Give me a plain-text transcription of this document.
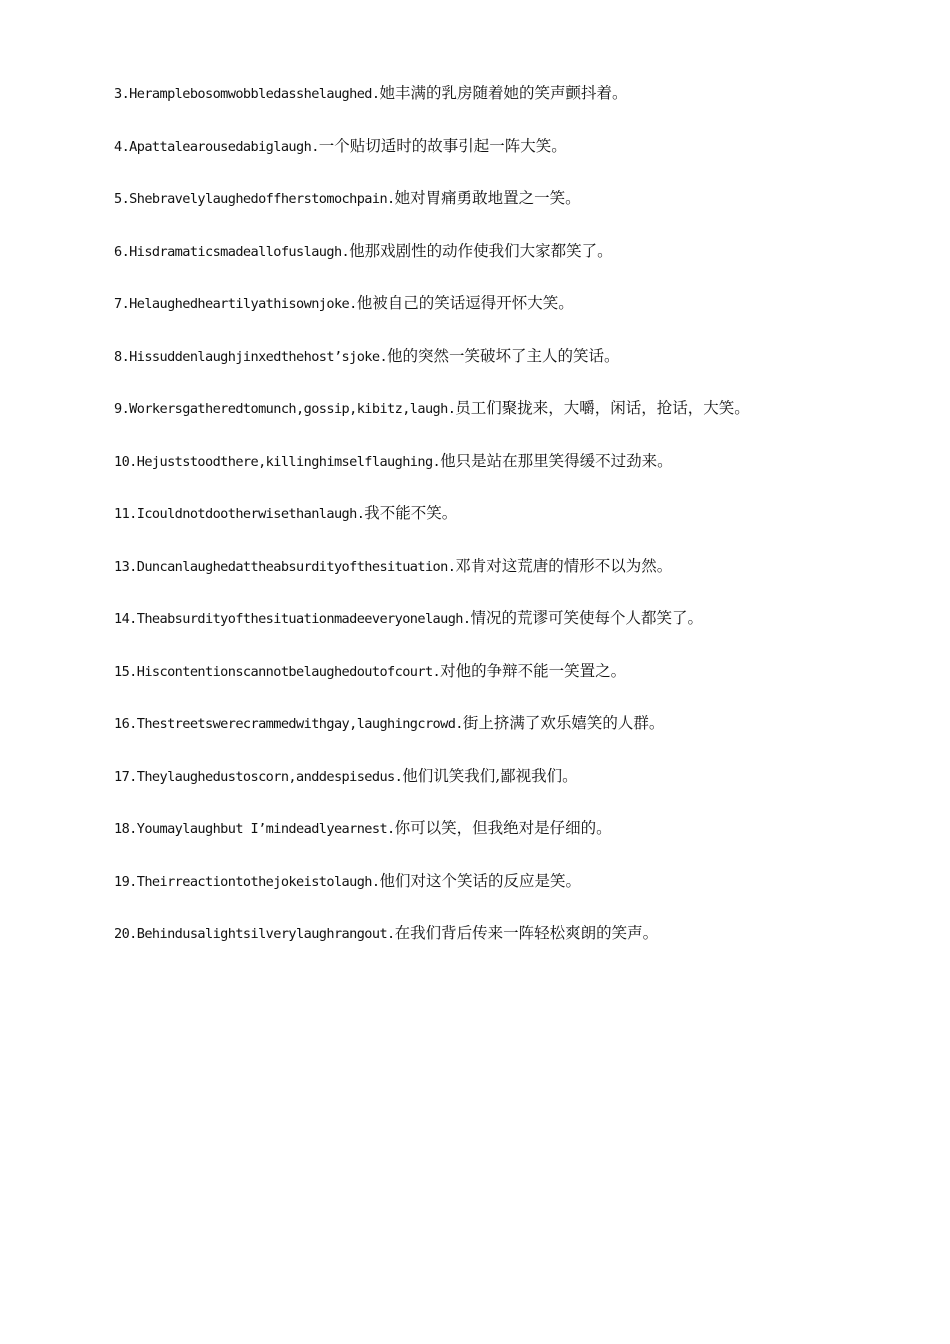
3.Heramplebosomwobbledasshelaughed.她丰满的乳房随着她的笑声颤抖着。
4.Apattalearousedabiglaugh.一个贴切适时的故事引起一阵大笑。
5.Shebravelylaughedoffherstomochpain.她对胃痛勇敢地置之一笑。
6.Hisdramaticsmadeallofuslaugh.他那戏剧性的动作使我们大家都笑了。
7.Helaughedheartilyathisownjoke.他被自己的笑话逗得开怀大笑。
8.Hissuddenlaughjinxedthehost’sjoke.他的突然一笑破坏了主人的笑话。
9.Workersgatheredtomunch,gossip,kibitz,laugh.员工们聚拢来，大嚼，闲话，抢话，大笑。
10.Hejuststoodthere,killinghimselflaughing.他只是站在那里笑得缓不过劲来。
11.Icouldnotdootherwisethanlaugh.我不能不笑。
13.Duncanlaughedattheabsurdityofthesituation.邓肯对这荒唐的情形不以为然。
14.Theabsurdityofthesituationmadeeveryonelaugh.情况的荒谬可笑使每个人都笑了。
15.Hiscontentionscannotbelaughedoutofcourt.对他的争辩不能一笑置之。
16.Thestreetswerecrammedwithgay,laughingcrowd.街上挤满了欢乐嬉笑的人群。
17.Theylaughedustoscorn,anddespisedus.他们讥笑我们,鄙视我们。
18.Youmaylaughbut I’mindeadlyearnest.你可以笑，但我绝对是仔细的。
19.Theirreactiontothejokeistolaugh.他们对这个笑话的反应是笑。
20.Behindusalightsilverylaughrangout.在我们背后传来一阵轻松爽朗的笑声。
